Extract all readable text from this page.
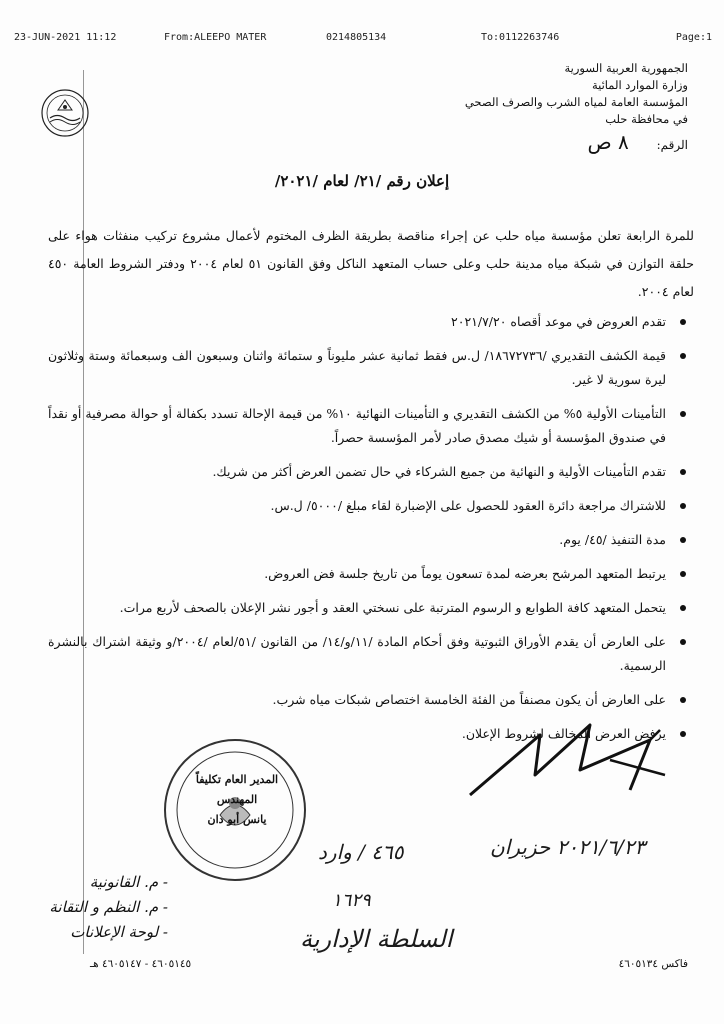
23-JUN-2021 11:12	From:ALEEPO MATER	0214805134	To:0112263746	Page:1
الجمهورية العربية السورية
وزارة الموارد المائية
المؤسسة العامة لمياه الشرب والصرف الصحي
في محافظة حلب
الرقم: ٨ ص
إعلان رقم /٢١/ لعام /٢٠٢١/

للمرة الرابعة تعلن مؤسسة مياه حلب عن إجراء مناقصة بطريقة الظرف المختوم لأعمال مشروع تركيب منفثات هواء على حلقة التوازن في شبكة مياه مدينة حلب وعلى حساب المتعهد الناكل وفق القانون ٥١ لعام ٢٠٠٤ ودفتر الشروط العامة ٤٥٠ لعام ٢٠٠٤.

تقدم العروض في موعد أقصاه ٢٠٢١/٧/٢٠
قيمة الكشف التقديري /١٨٦٧٢٧٣٦/ ل.س فقط ثمانية عشر مليوناً و ستمائة واثنان وسبعون الف وسبعمائة وستة وثلاثون ليرة سورية لا غير.
التأمينات الأولية ٥% من الكشف التقديري و التأمينات النهائية ١٠% من قيمة الإحالة تسدد بكفالة أو حوالة مصرفية أو نقداً في صندوق المؤسسة أو شيك مصدق صادر لأمر المؤسسة حصراً.
تقدم التأمينات الأولية و النهائية من جميع الشركاء في حال تضمن العرض أكثر من شريك.
للاشتراك مراجعة دائرة العقود للحصول على الإضبارة لقاء مبلغ /٥٠٠٠/ ل.س.
مدة التنفيذ /٤٥/ يوم.
يرتبط المتعهد المرشح بعرضه لمدة تسعون يوماً من تاريخ جلسة فض العروض.
يتحمل المتعهد كافة الطوابع و الرسوم المترتبة على نسختي العقد و أجور نشر الإعلان بالصحف لأربع مرات.
على العارض أن يقدم الأوراق الثبوتية وفق أحكام المادة /١١/و/١٤/ من القانون /٥١/لعام /٢٠٠٤/و وثيقة اشتراك بالنشرة الرسمية.
على العارض أن يكون مصنفاً من الفئة الخامسة اختصاص شبكات مياه شرب.
يرفض العرض المخالف لشروط الإعلان.
المدير العام تكليفاً
المهندس
يانس أبو دان
٢٠٢١/٦/٢٣ حزيران
٤٦٥ / وارد
١٦٢٩
السلطة الإدارية
- م. القانونية
- م. النظم و التقانة
- لوحة الإعلانات
فاكس ٤٦٠٥١٣٤
٤٦٠٥١٤٥ - ٤٦٠٥١٤٧ هـ
